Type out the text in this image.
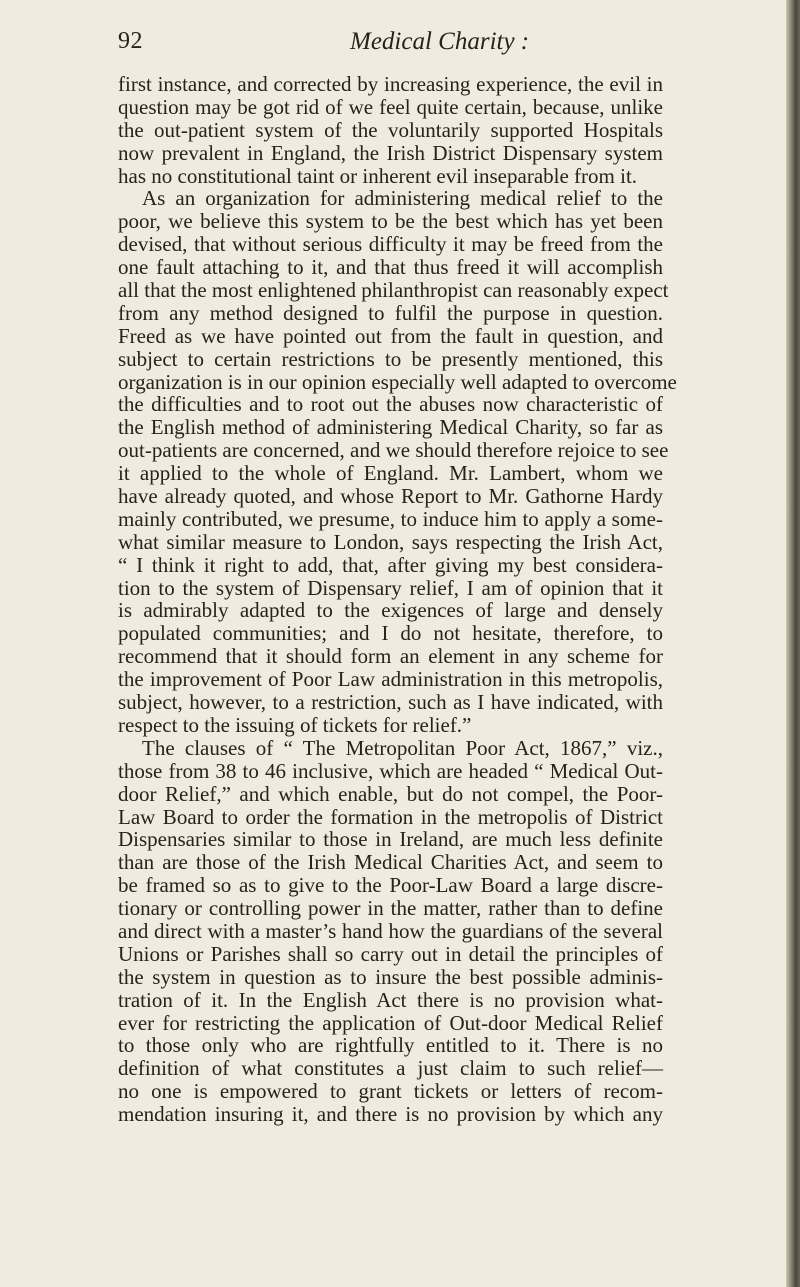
92	Medical Charity :
first instance, and corrected by increasing experience, the evil in
question may be got rid of we feel quite certain, because, unlike
the out-patient system of the voluntarily supported Hospitals
now prevalent in England, the Irish District Dispensary system
has no constitutional taint or inherent evil inseparable from it.
As an organization for administering medical relief to the
poor, we believe this system to be the best which has yet been
devised, that without serious difficulty it may be freed from the
one fault attaching to it, and that thus freed it will accomplish
all that the most enlightened philanthropist can reasonably expect
from any method designed to fulfil the purpose in question.
Freed as we have pointed out from the fault in question, and
subject to certain restrictions to be presently mentioned, this
organization is in our opinion especially well adapted to overcome
the difficulties and to root out the abuses now characteristic of
the English method of administering Medical Charity, so far as
out-patients are concerned, and we should therefore rejoice to see
it applied to the whole of England. Mr. Lambert, whom we
have already quoted, and whose Report to Mr. Gathorne Hardy
mainly contributed, we presume, to induce him to apply a some-
what similar measure to London, says respecting the Irish Act,
“ I think it right to add, that, after giving my best considera-
tion to the system of Dispensary relief, I am of opinion that it
is admirably adapted to the exigences of large and densely
populated communities; and I do not hesitate, therefore, to
recommend that it should form an element in any scheme for
the improvement of Poor Law administration in this metropolis,
subject, however, to a restriction, such as I have indicated, with
respect to the issuing of tickets for relief.”
The clauses of “ The Metropolitan Poor Act, 1867,” viz.,
those from 38 to 46 inclusive, which are headed “ Medical Out-
door Relief,” and which enable, but do not compel, the Poor-
Law Board to order the formation in the metropolis of District
Dispensaries similar to those in Ireland, are much less definite
than are those of the Irish Medical Charities Act, and seem to
be framed so as to give to the Poor-Law Board a large discre-
tionary or controlling power in the matter, rather than to define
and direct with a master’s hand how the guardians of the several
Unions or Parishes shall so carry out in detail the principles of
the system in question as to insure the best possible adminis-
tration of it. In the English Act there is no provision what-
ever for restricting the application of Out-door Medical Relief
to those only who are rightfully entitled to it. There is no
definition of what constitutes a just claim to such relief—
no one is empowered to grant tickets or letters of recom-
mendation insuring it, and there is no provision by which any
